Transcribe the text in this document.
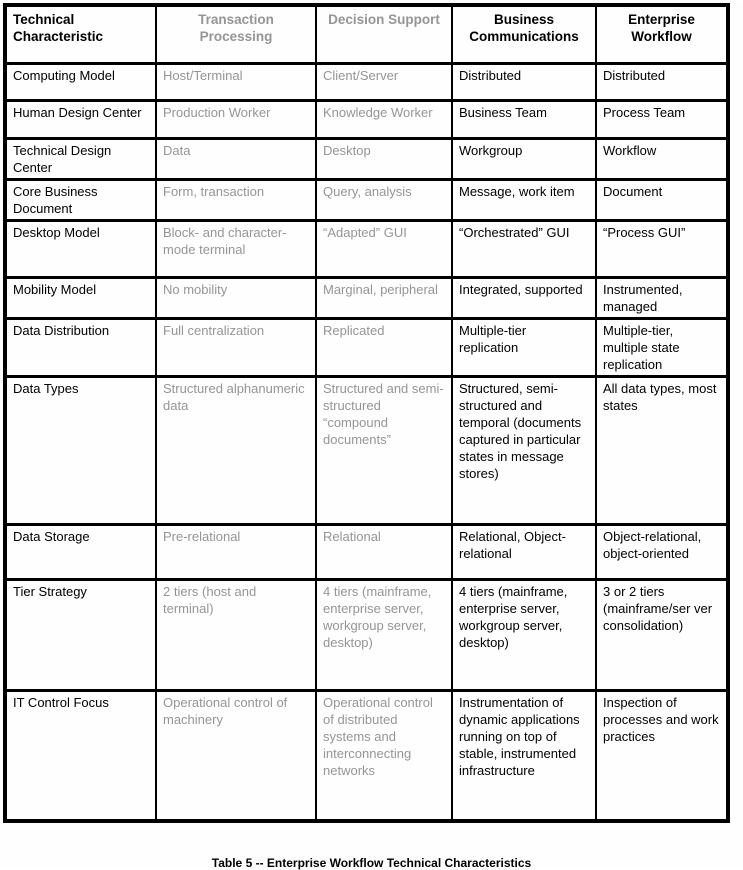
Technical Characteristic	Transaction Processing	Decision Support	Business Communications	Enterprise Workflow
Computing Model	Host/Terminal	Client/Server	Distributed	Distributed
Human Design Center	Production Worker	Knowledge Worker	Business Team	Process Team
Technical Design Center	Data	Desktop	Workgroup	Workflow
Core Business Document	Form, transaction	Query, analysis	Message, work item	Document
Desktop Model	Block- and character-mode terminal	“Adapted” GUI	“Orchestrated” GUI	“Process GUI”
Mobility Model	No mobility	Marginal, peripheral	Integrated, supported	Instrumented, managed
Data Distribution	Full centralization	Replicated	Multiple-tier replication	Multiple-tier, multiple state replication
Data Types	Structured alphanumeric data	Structured and semi-structured “compound documents”	Structured, semi-structured and temporal (documents captured in particular states in message stores)	All data types, most states
Data Storage	Pre-relational	Relational	Relational, Object-relational	Object-relational, object-oriented
Tier Strategy	2 tiers (host and terminal)	4 tiers (mainframe, enterprise server, workgroup server, desktop)	4 tiers (mainframe, enterprise server, workgroup server, desktop)	3 or 2 tiers (mainframe/ser ver consolidation)
IT Control Focus	Operational control of machinery	Operational control of distributed systems and interconnecting networks	Instrumentation of dynamic applications running on top of stable, instrumented infrastructure	Inspection of processes and work practices
Table 5 -- Enterprise Workflow Technical Characteristics
